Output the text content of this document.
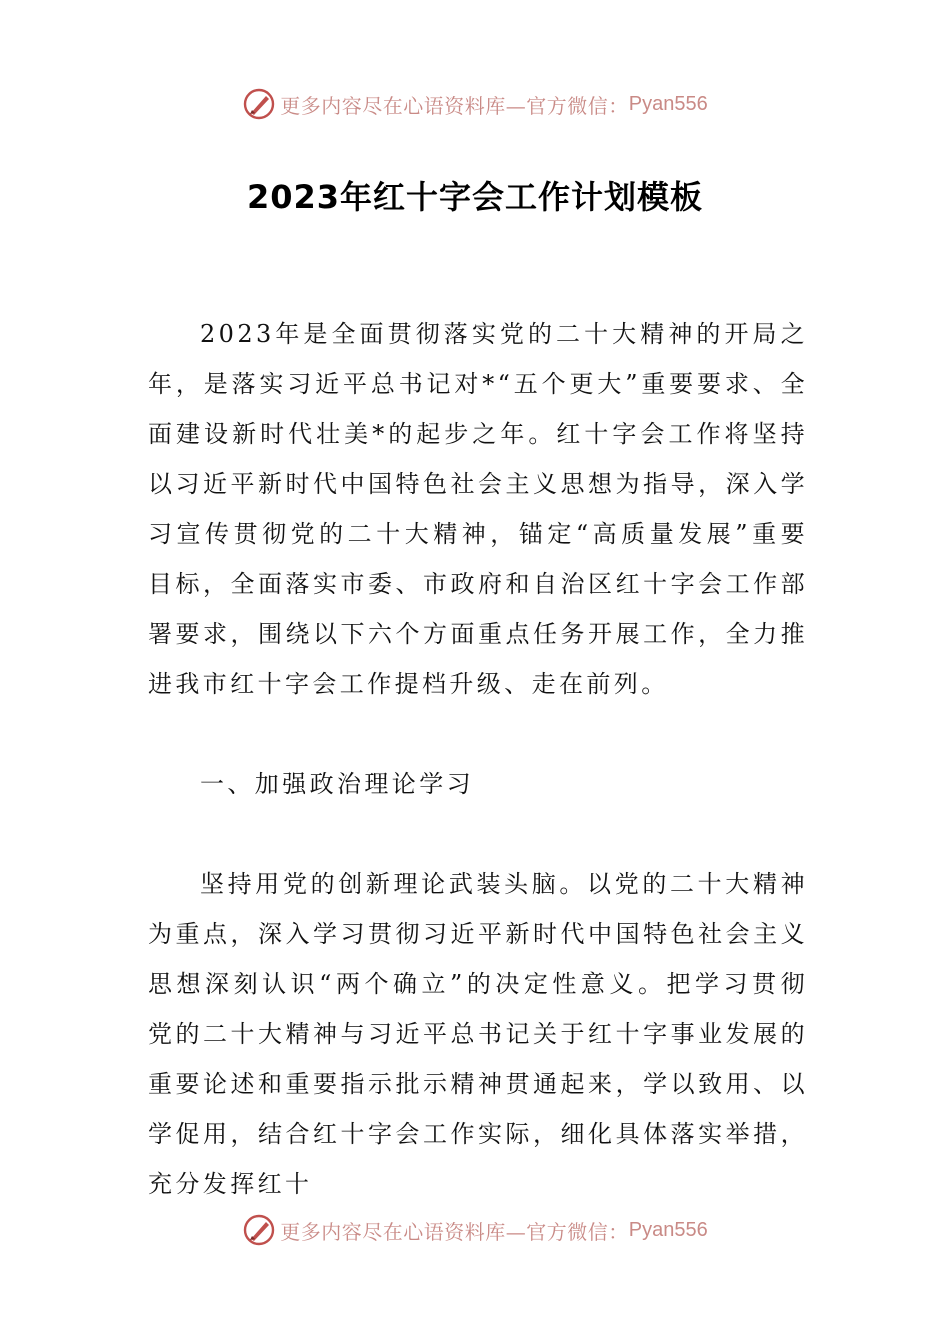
更多内容尽在心语资料库—官方微信： Pyan556
2023年红十字会工作计划模板

2023年是全面贯彻落实党的二十大精神的开局之年，是落实习近平总书记对*“五个更大”重要要求、全面建设新时代壮美*的起步之年。红十字会工作将坚持以习近平新时代中国特色社会主义思想为指导，深入学习宣传贯彻党的二十大精神，锚定“高质量发展”重要目标，全面落实市委、市政府和自治区红十字会工作部署要求，围绕以下六个方面重点任务开展工作，全力推进我市红十字会工作提档升级、走在前列。

一、加强政治理论学习

坚持用党的创新理论武装头脑。以党的二十大精神为重点，深入学习贯彻习近平新时代中国特色社会主义思想深刻认识“两个确立”的决定性意义。把学习贯彻党的二十大精神与习近平总书记关于红十字事业发展的重要论述和重要指示批示精神贯通起来，学以致用、以学促用，结合红十字会工作实际，细化具体落实举措，充分发挥红十

更多内容尽在心语资料库—官方微信： Pyan556
